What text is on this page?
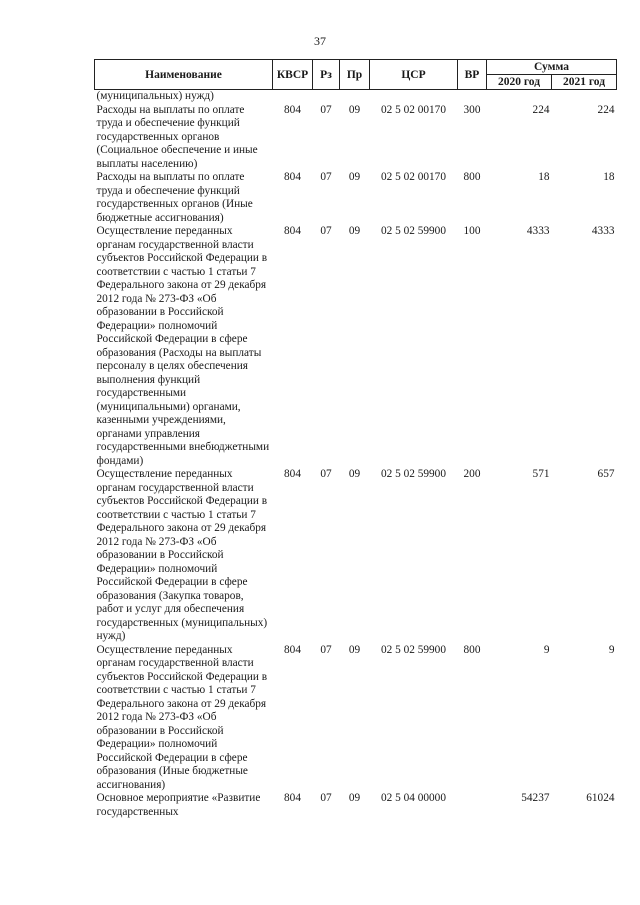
37
Наименование	КВСР	Рз	Пр	ЦСР	ВР	Сумма	
						2020 год	2021 год
(муниципальных) нужд)							
Расходы на выплаты по оплате труда и обеспечение функций государственных органов (Социальное обеспечение и иные выплаты населению)	804	07	09	02 5 02 00170	300	224	224
Расходы на выплаты по оплате труда и обеспечение функций государственных органов (Иные бюджетные ассигнования)	804	07	09	02 5 02 00170	800	18	18
Осуществление переданных органам государственной власти субъектов Российской Федерации в соответствии с частью 1 статьи 7 Федерального закона от 29 декабря 2012 года № 273-ФЗ «Об образовании в Российской Федерации» полномочий Российской Федерации в сфере образования (Расходы на выплаты персоналу в целях обеспечения выполнения функций государственными (муниципальными) органами, казенными учреждениями, органами управления государственными внебюджетными фондами)	804	07	09	02 5 02 59900	100	4333	4333
Осуществление переданных органам государственной власти субъектов Российской Федерации в соответствии с частью 1 статьи 7 Федерального закона от 29 декабря 2012 года № 273-ФЗ «Об образовании в Российской Федерации» полномочий Российской Федерации в сфере образования (Закупка товаров, работ и услуг для обеспечения государственных (муниципальных) нужд)	804	07	09	02 5 02 59900	200	571	657
Осуществление переданных органам государственной власти субъектов Российской Федерации в соответствии с частью 1 статьи 7 Федерального закона от 29 декабря 2012 года № 273-ФЗ «Об образовании в Российской Федерации» полномочий Российской Федерации в сфере образования (Иные бюджетные ассигнования)	804	07	09	02 5 02 59900	800	9	9
Основное мероприятие «Развитие государственных	804	07	09	02 5 04 00000		54237	61024
